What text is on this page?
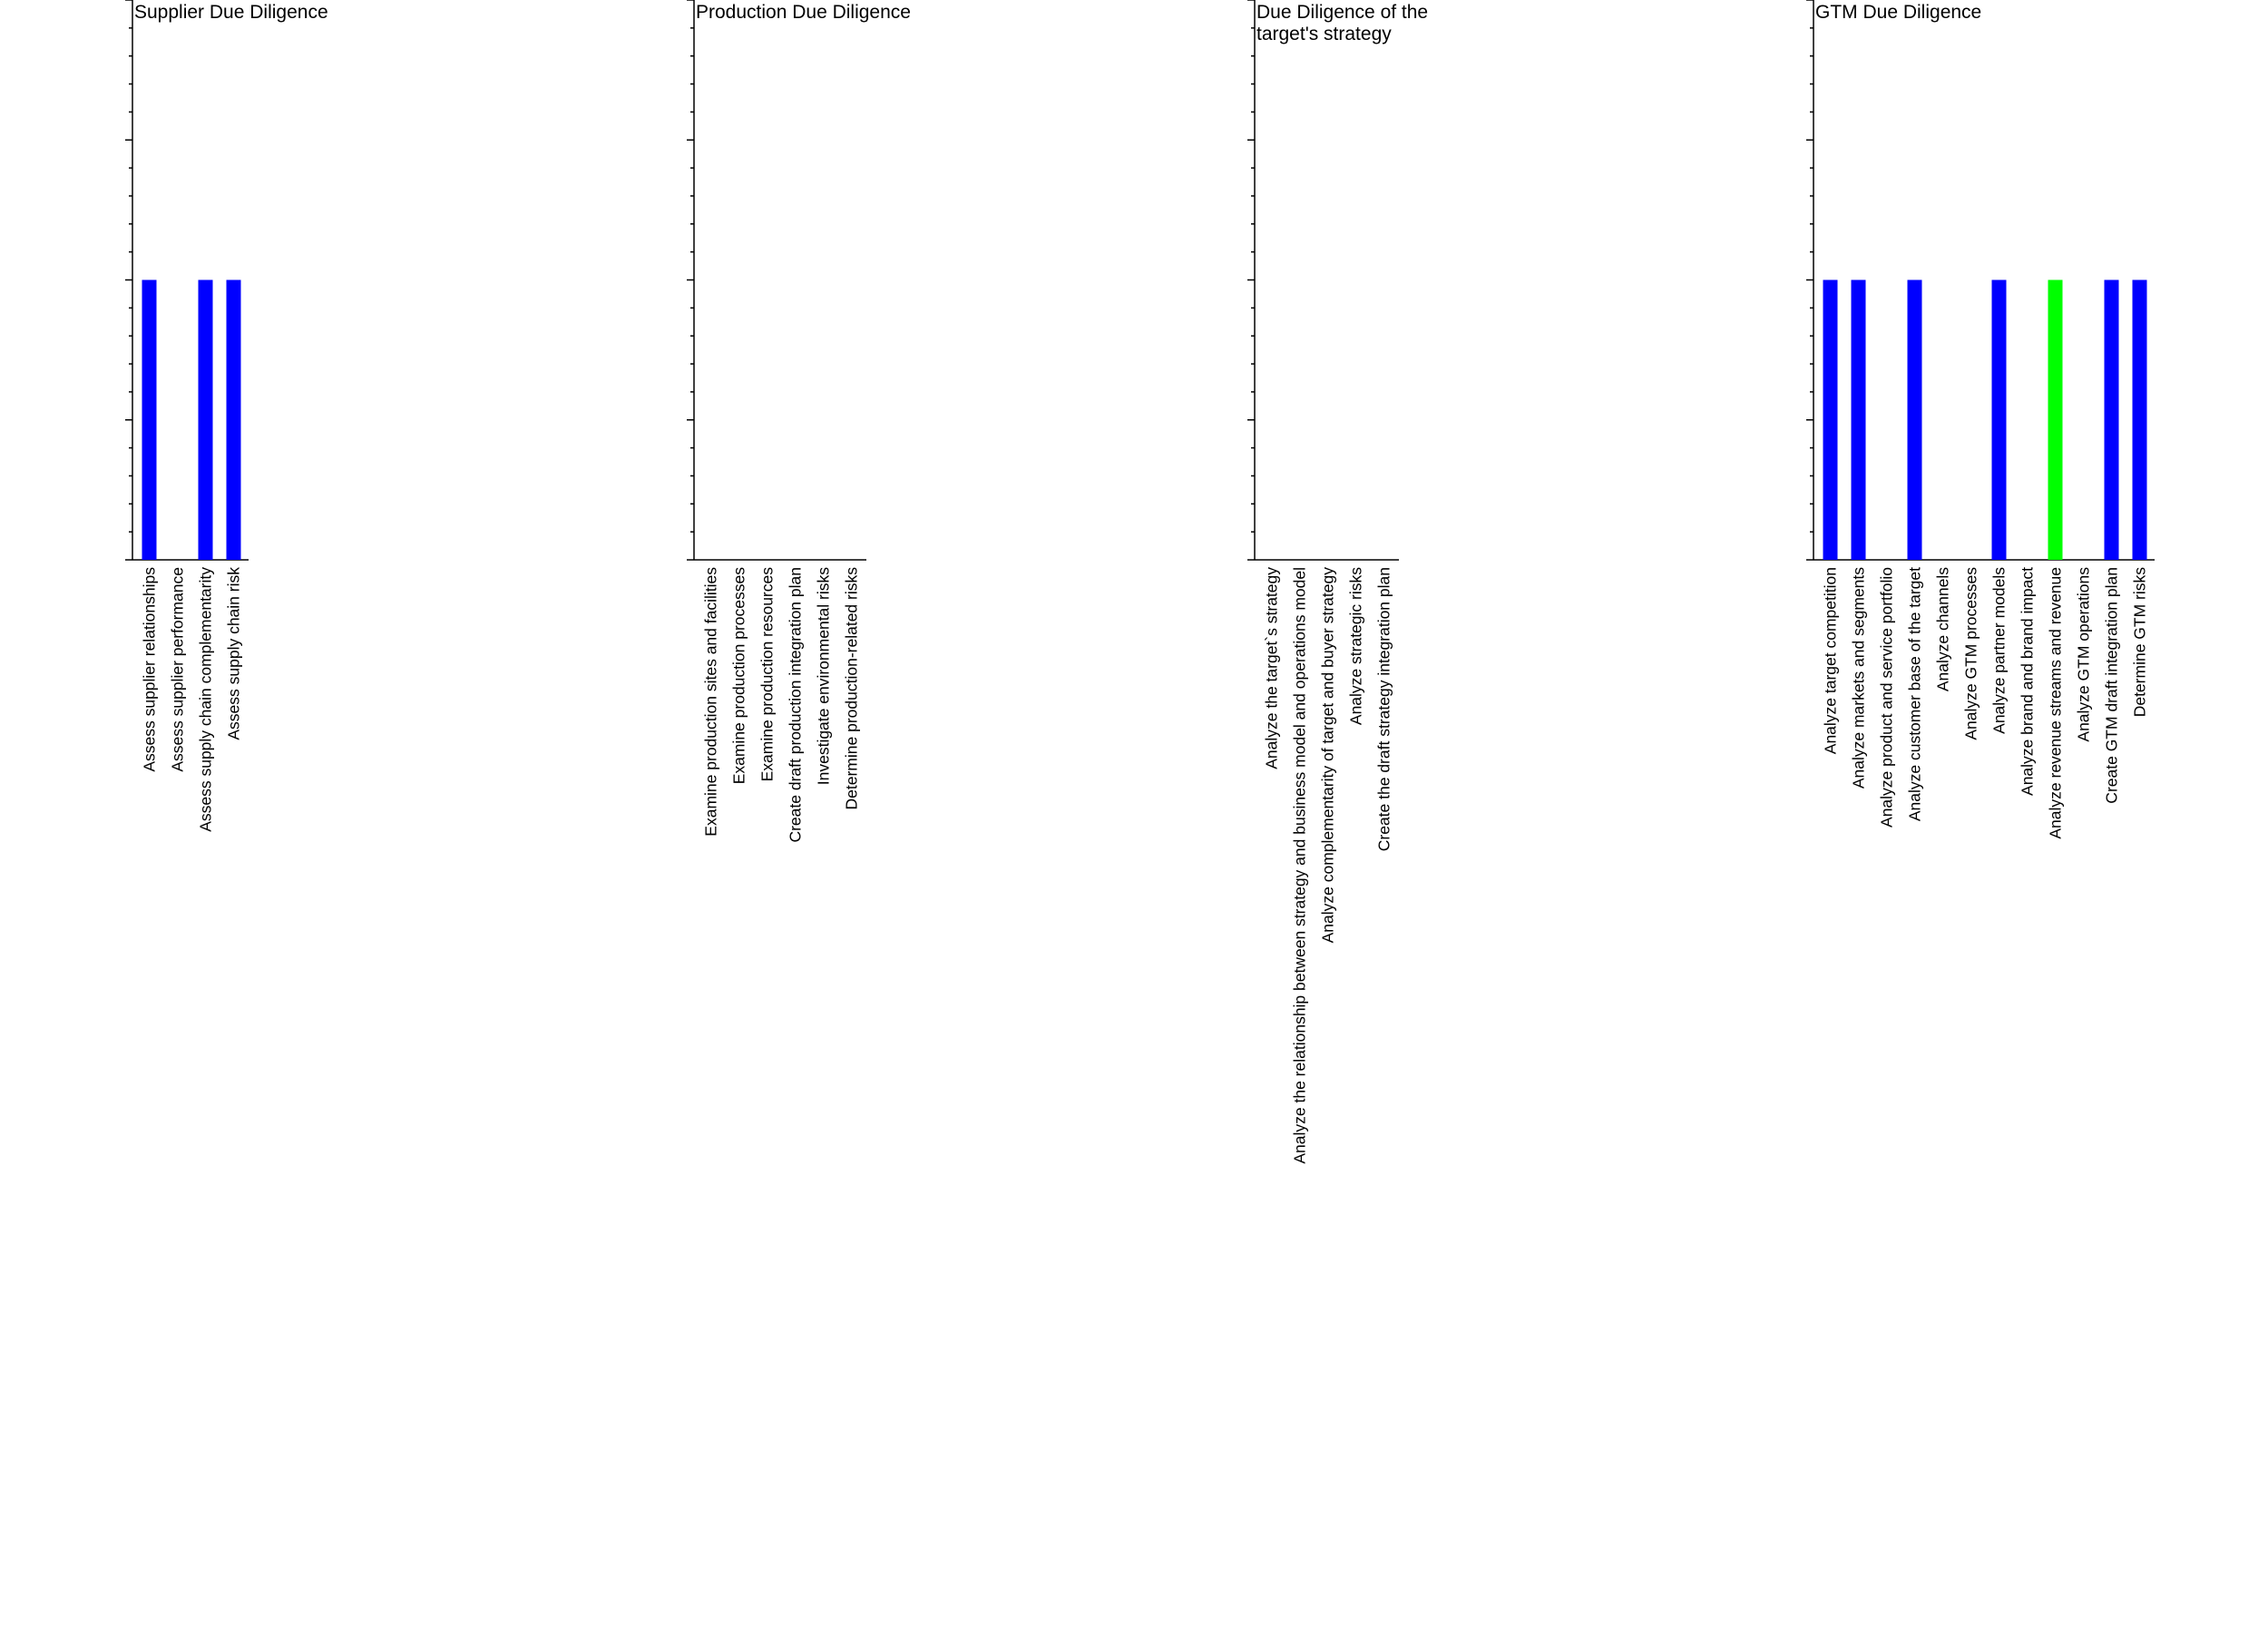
Supplier Due Diligence
Assess supplier relationships Assess supplier performance Assess supply chain complementarity Assess supply chain risk
Production Due Diligence
Examine production sites and facilities Examine production processes Examine production resources Create draft production integration plan Investigate environmental risks Determine production-related risks
Due Diligence of the
target's strategy
Analyze the target`s strategy Analyze the relationship between strategy and business model and operations model Analyze complementarity of target and buyer strategy Analyze strategic risks Create the draft strategy integration plan
GTM Due Diligence
Analyze target competition Analyze markets and segments Analyze product and service portfolio Analyze customer base of the target Analyze channels Analyze GTM processes Analyze partner models Analyze brand and brand impact Analyze revenue streams and revenue Analyze GTM operations Create GTM draft integration plan Determine GTM risks
